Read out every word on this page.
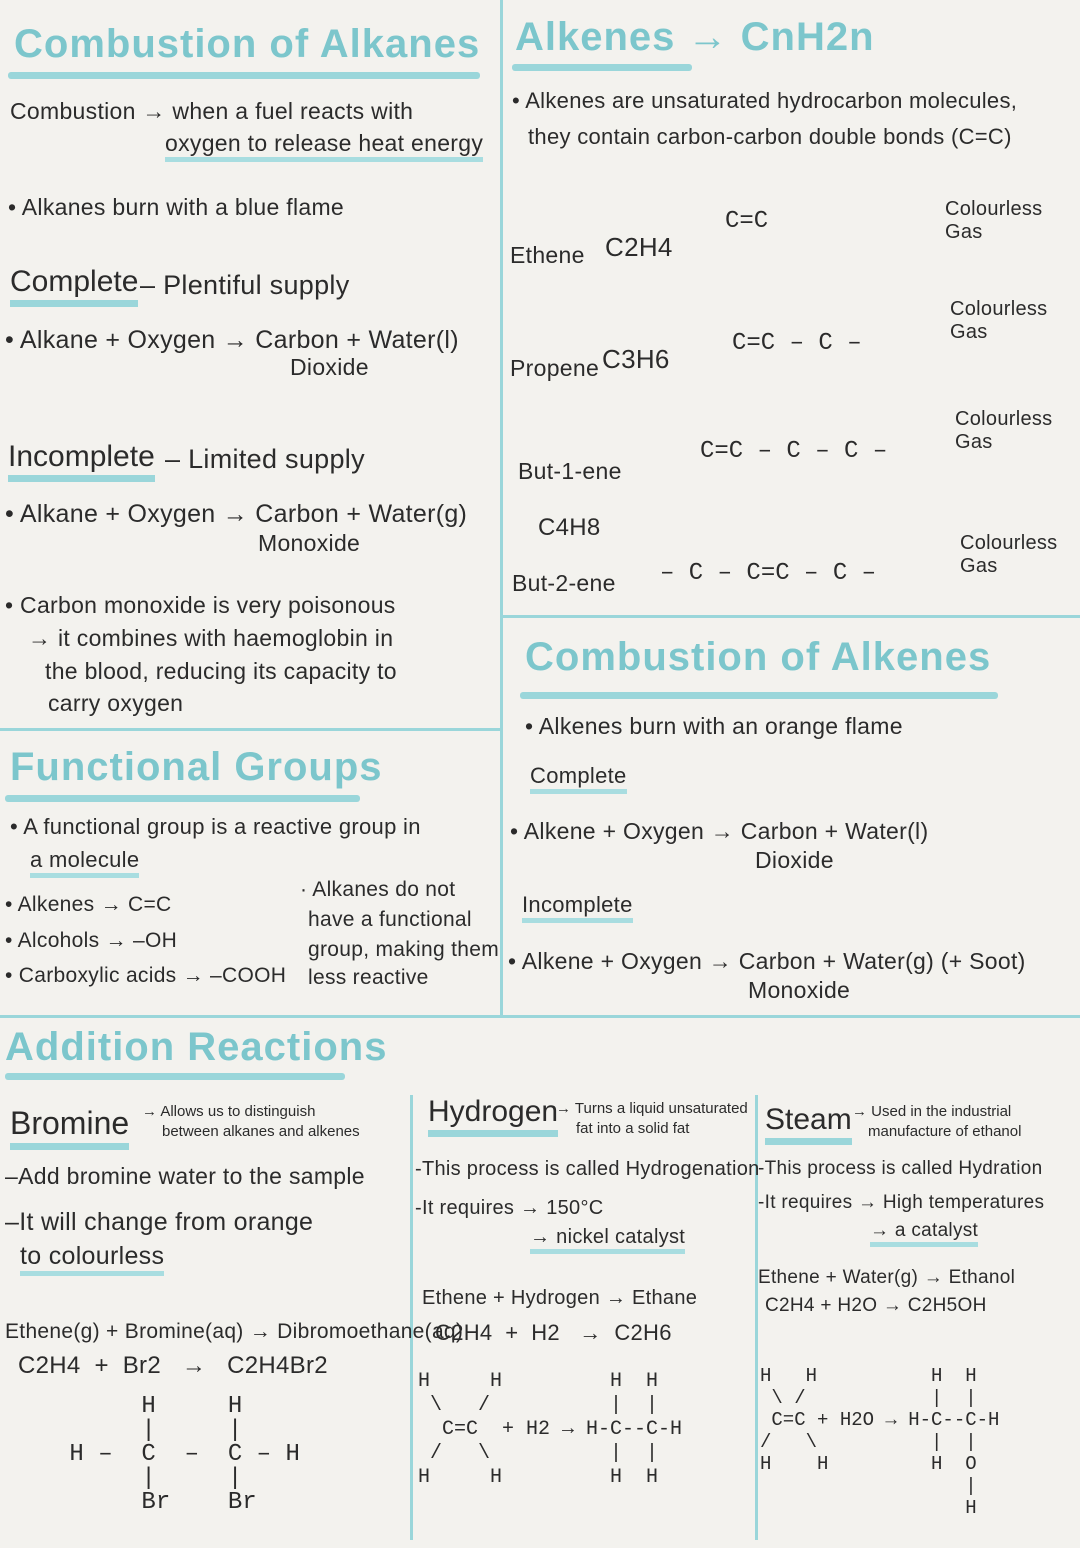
Combustion of Alkanes
Combustion → when a fuel reacts with
oxygen to release heat energy
• Alkanes burn with a blue flame
Complete – Plentiful supply
• Alkane + Oxygen → Carbon + Water(l)
Dioxide
Incomplete – Limited supply
• Alkane + Oxygen → Carbon + Water(g)
Monoxide
• Carbon monoxide is very poisonous
→ it combines with haemoglobin in
the blood, reducing its capacity to
carry oxygen
Functional Groups
• A functional group is a reactive group in
a molecule
• Alkenes → C=C
• Alcohols → –OH
• Carboxylic acids → –COOH
· Alkanes do not
have a functional
group, making them
less reactive
Alkenes → CnH2n
• Alkenes are unsaturated hydrocarbon molecules,
they contain carbon-carbon double bonds (C=C)
Ethene C2H4
C=C	Colourless Gas
Propene C3H6
C=C – C –
Colourless Gas
But-1-ene
C4H8
C=C – C – C –
Colourless Gas
But-2-ene – C – C=C – C –
Colourless Gas
Combustion of Alkenes
• Alkenes burn with an orange flame
Complete
• Alkene + Oxygen → Carbon + Water(l)
Dioxide
Incomplete
• Alkene + Oxygen → Carbon + Water(g) (+ Soot)
Monoxide
Addition Reactions
Bromine → Allows us to distinguish
between alkanes and alkenes
–Add bromine water to the sample
–It will change from orange
to colourless
Ethene(g) + Bromine(aq) → Dibromoethane(aq)
C2H4  +  Br2   →   C2H4Br2
H     H
|     |
H –  C  –  C – H
|     |
Br    Br
Hydrogen
→ Turns a liquid unsaturated
fat into a solid fat
-This process is called Hydrogenation
-It requires → 150°C
→ nickel catalyst
Ethene + Hydrogen → Ethane
C2H4  +  H2   →  C2H6
H     H         H  H
\   /          |  |
C=C  + H2 → H-C--C-H
/   \          |  |
H     H         H  H
Steam → Used in the industrial
manufacture of ethanol
-This process is called Hydration
-It requires → High temperatures
→ a catalyst
Ethene + Water(g) → Ethanol
C2H4 + H2O → C2H5OH
H   H          H  H
\ /           |  |
C=C + H2O → H-C--C-H
/   \          |  |
H    H         H  O
|
H
